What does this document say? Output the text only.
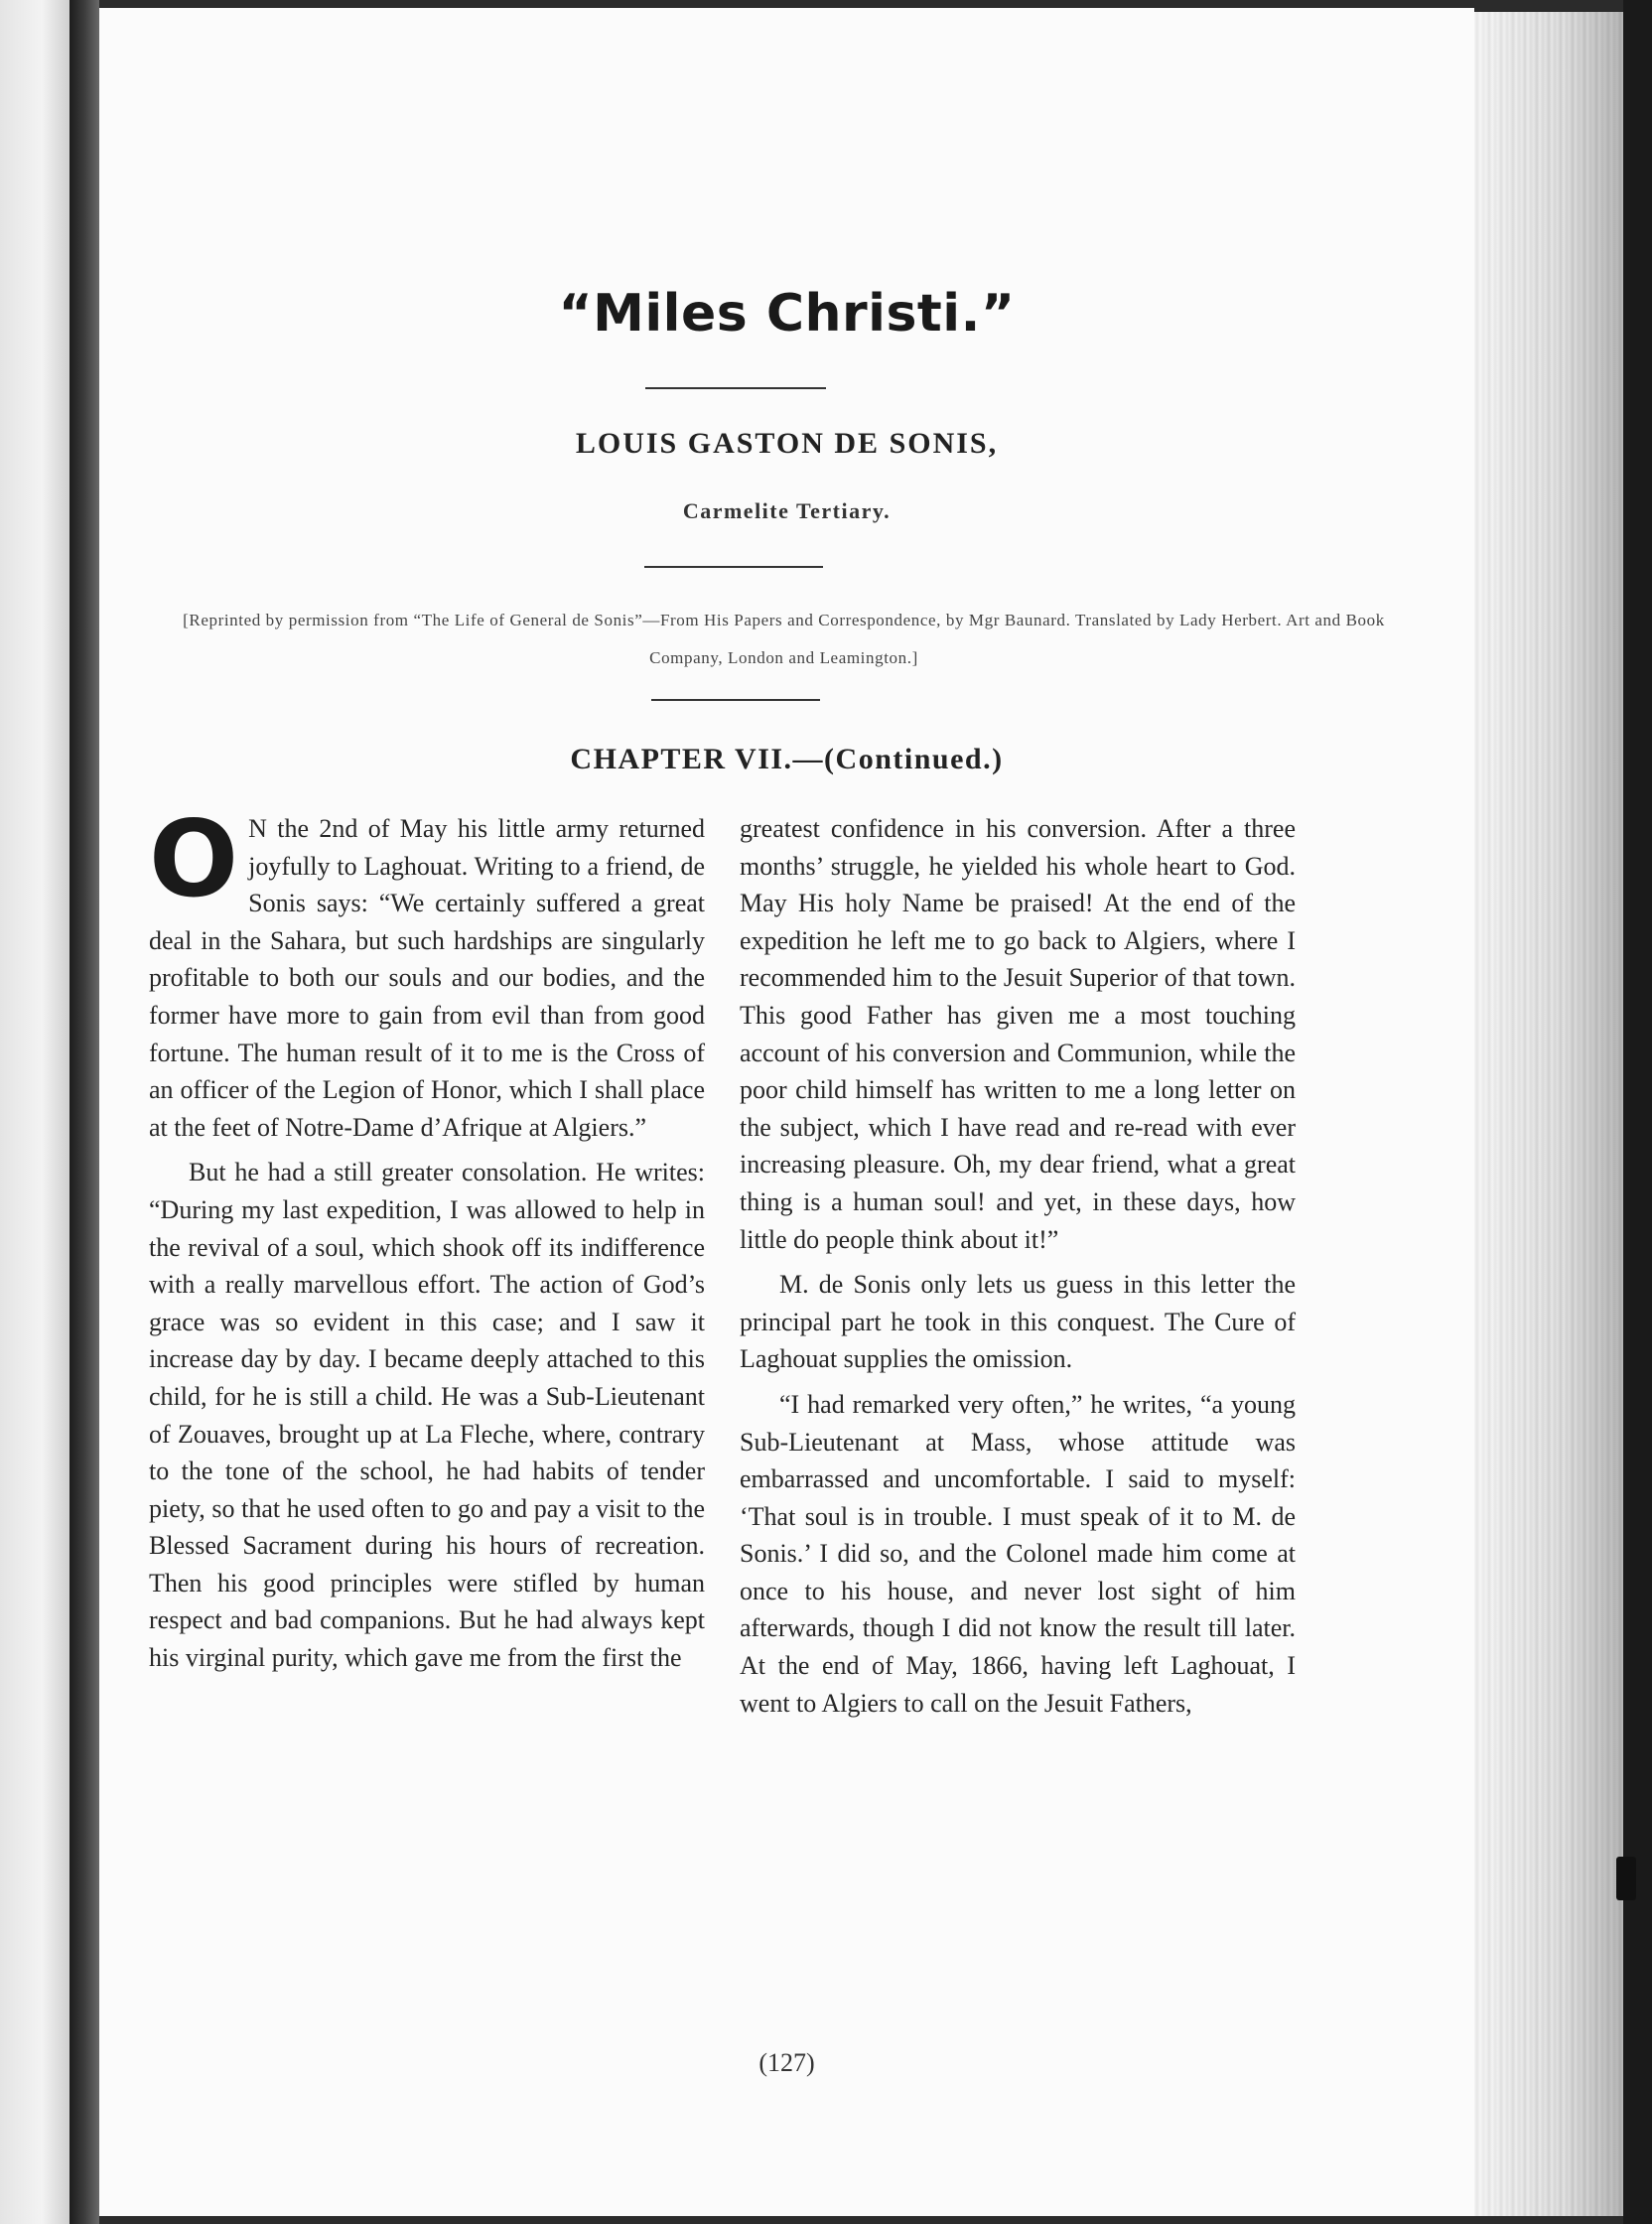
“Miles Christi.”
LOUIS GASTON DE SONIS,
Carmelite Tertiary.

[Reprinted by permission from “The Life of General de Sonis”—From His Papers and Correspondence, by Mgr Baunard. Translated by Lady Herbert. Art and Book Company, London and Leamington.]

CHAPTER VII.—(Continued.)

O N the 2nd of May his little army returned joyfully to Laghouat. Writing to a friend, de Sonis says: “We certainly suffered a great deal in the Sahara, but such hardships are singularly profitable to both our souls and our bodies, and the former have more to gain from evil than from good fortune. The human result of it to me is the Cross of an officer of the Legion of Honor, which I shall place at the feet of Notre-Dame d’Afrique at Algiers.”

But he had a still greater consolation. He writes: “During my last expedition, I was allowed to help in the revival of a soul, which shook off its indifference with a really marvellous effort. The action of God’s grace was so evident in this case; and I saw it increase day by day. I became deeply attached to this child, for he is still a child. He was a Sub-Lieutenant of Zouaves, brought up at La Fleche, where, contrary to the tone of the school, he had habits of tender piety, so that he used often to go and pay a visit to the Blessed Sacrament during his hours of recreation. Then his good principles were stifled by human respect and bad companions. But he had always kept his virginal purity, which gave me from the first the

greatest confidence in his conversion. After a three months’ struggle, he yielded his whole heart to God. May His holy Name be praised! At the end of the expedition he left me to go back to Algiers, where I recommended him to the Jesuit Superior of that town. This good Father has given me a most touching account of his conversion and Communion, while the poor child himself has written to me a long letter on the subject, which I have read and re-read with ever increasing pleasure. Oh, my dear friend, what a great thing is a human soul! and yet, in these days, how little do people think about it!”

M. de Sonis only lets us guess in this letter the principal part he took in this conquest. The Cure of Laghouat supplies the omission.

“I had remarked very often,” he writes, “a young Sub-Lieutenant at Mass, whose attitude was embarrassed and uncomfortable. I said to myself: ‘That soul is in trouble. I must speak of it to M. de Sonis.’ I did so, and the Colonel made him come at once to his house, and never lost sight of him afterwards, though I did not know the result till later. At the end of May, 1866, having left Laghouat, I went to Algiers to call on the Jesuit Fathers,

(127)
